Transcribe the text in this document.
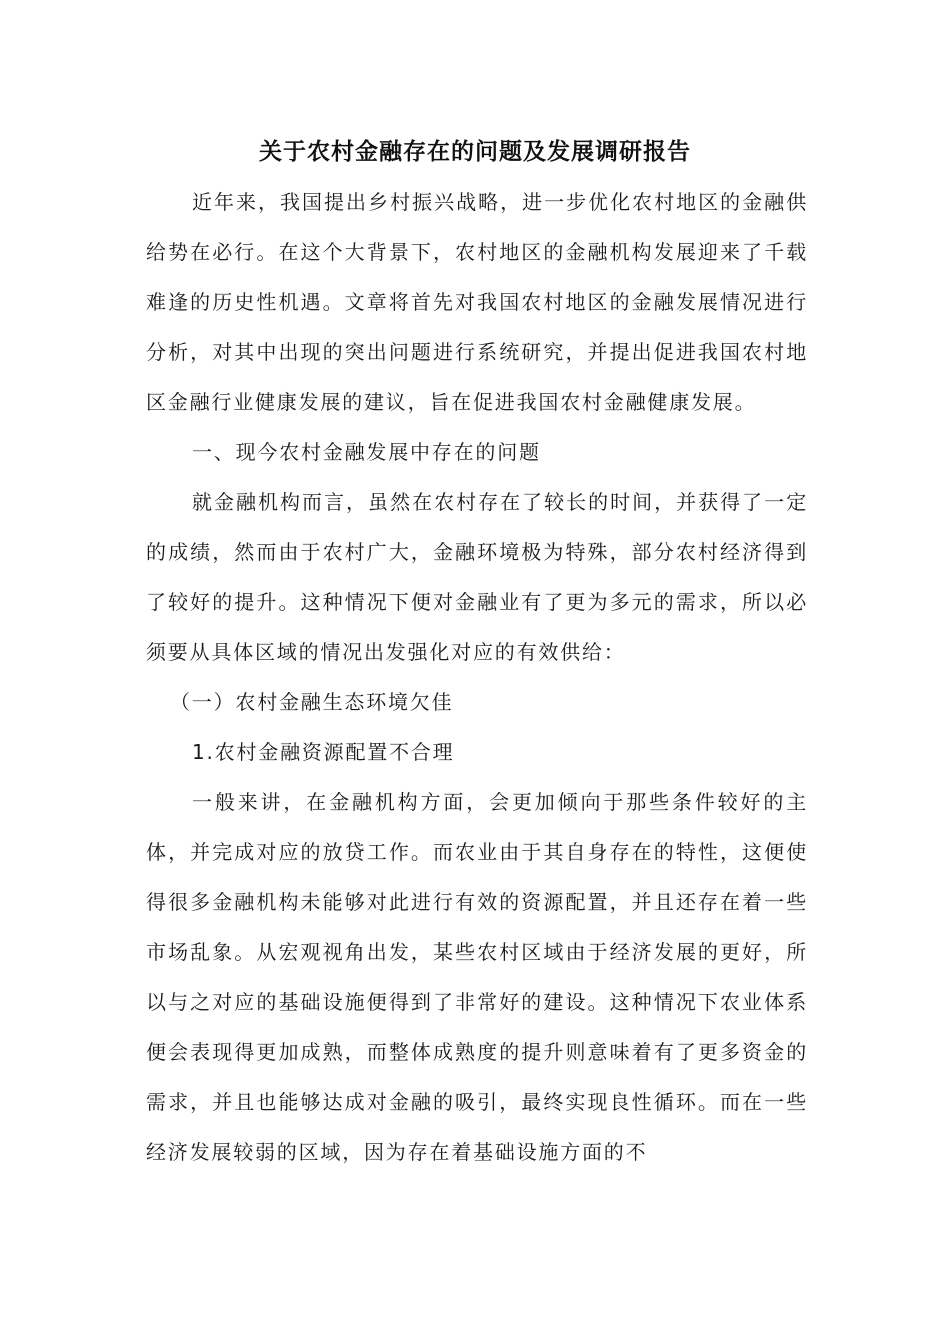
关于农村金融存在的问题及发展调研报告

近年来，我国提出乡村振兴战略，进一步优化农村地区的金融供给势在必行。在这个大背景下，农村地区的金融机构发展迎来了千载难逢的历史性机遇。文章将首先对我国农村地区的金融发展情况进行分析，对其中出现的突出问题进行系统研究，并提出促进我国农村地区金融行业健康发展的建议，旨在促进我国农村金融健康发展。

一、现今农村金融发展中存在的问题

就金融机构而言，虽然在农村存在了较长的时间，并获得了一定的成绩，然而由于农村广大，金融环境极为特殊，部分农村经济得到了较好的提升。这种情况下便对金融业有了更为多元的需求，所以必须要从具体区域的情况出发强化对应的有效供给：

（一）农村金融生态环境欠佳

1.农村金融资源配置不合理

一般来讲，在金融机构方面，会更加倾向于那些条件较好的主体，并完成对应的放贷工作。而农业由于其自身存在的特性，这便使得很多金融机构未能够对此进行有效的资源配置，并且还存在着一些市场乱象。从宏观视角出发，某些农村区域由于经济发展的更好，所以与之对应的基础设施便得到了非常好的建设。这种情况下农业体系便会表现得更加成熟，而整体成熟度的提升则意味着有了更多资金的需求，并且也能够达成对金融的吸引，最终实现良性循环。而在一些经济发展较弱的区域，因为存在着基础设施方面的不
